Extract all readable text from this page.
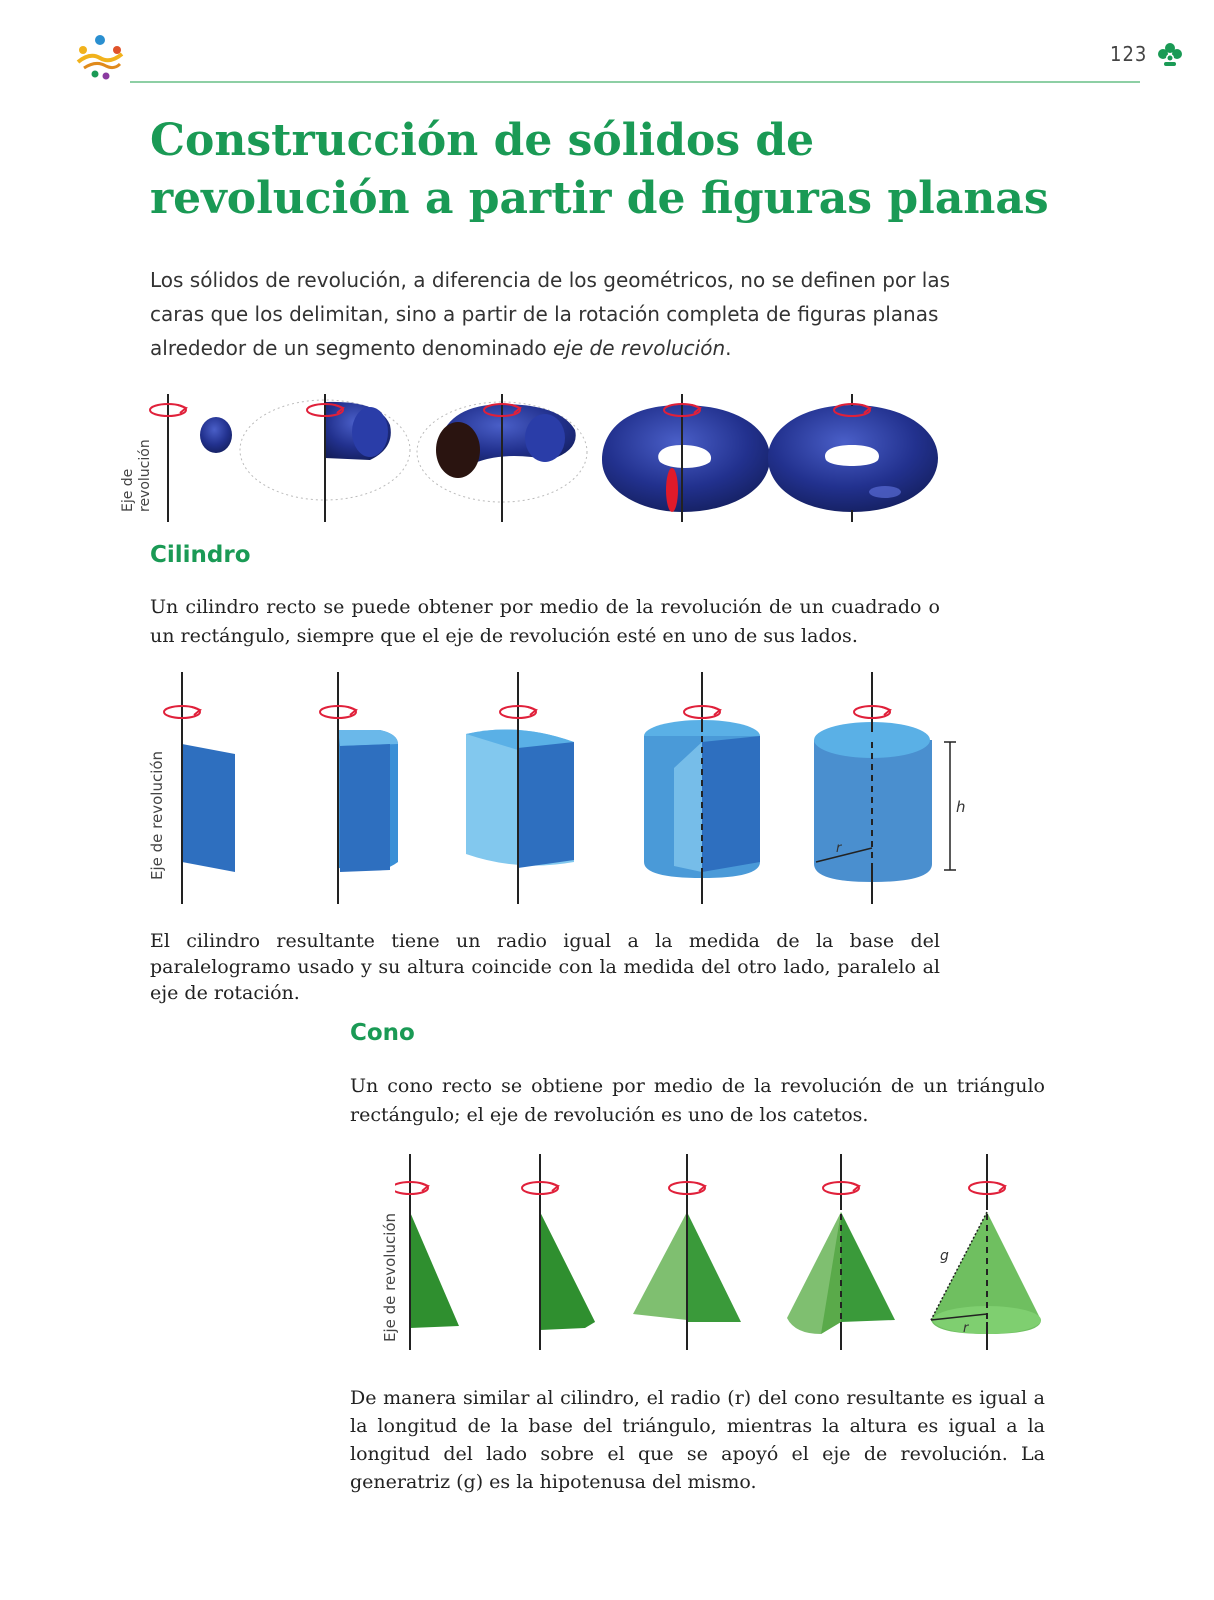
123
Construcción de sólidos de
revolución a partir de figuras planas
Los sólidos de revolución, a diferencia de los geométricos, no se definen por las caras que los delimitan, sino a partir de la rotación completa de figuras planas alrededor de un segmento denominado eje de revolución.
Eje de revolución
Cilindro
Un cilindro recto se puede obtener por medio de la revolución de un cuadrado o un rectángulo, siempre que el eje de revolución esté en uno de sus lados.
Eje de revolución	h
r
El cilindro resultante tiene un radio igual a la medida de la base del paralelogramo usado y su altura coincide con la medida del otro lado, paralelo al eje de rotación.
Cono
Un cono recto se obtiene por medio de la revolución de un triángulo rectángulo; el eje de revolución es uno de los catetos.
Eje de revolución	g
r
De manera similar al cilindro, el radio (r) del cono resultante es igual a la longitud de la base del triángulo, mientras la altura es igual a la longitud del lado sobre el que se apoyó el eje de revolución. La generatriz (g) es la hipotenusa del mismo.
